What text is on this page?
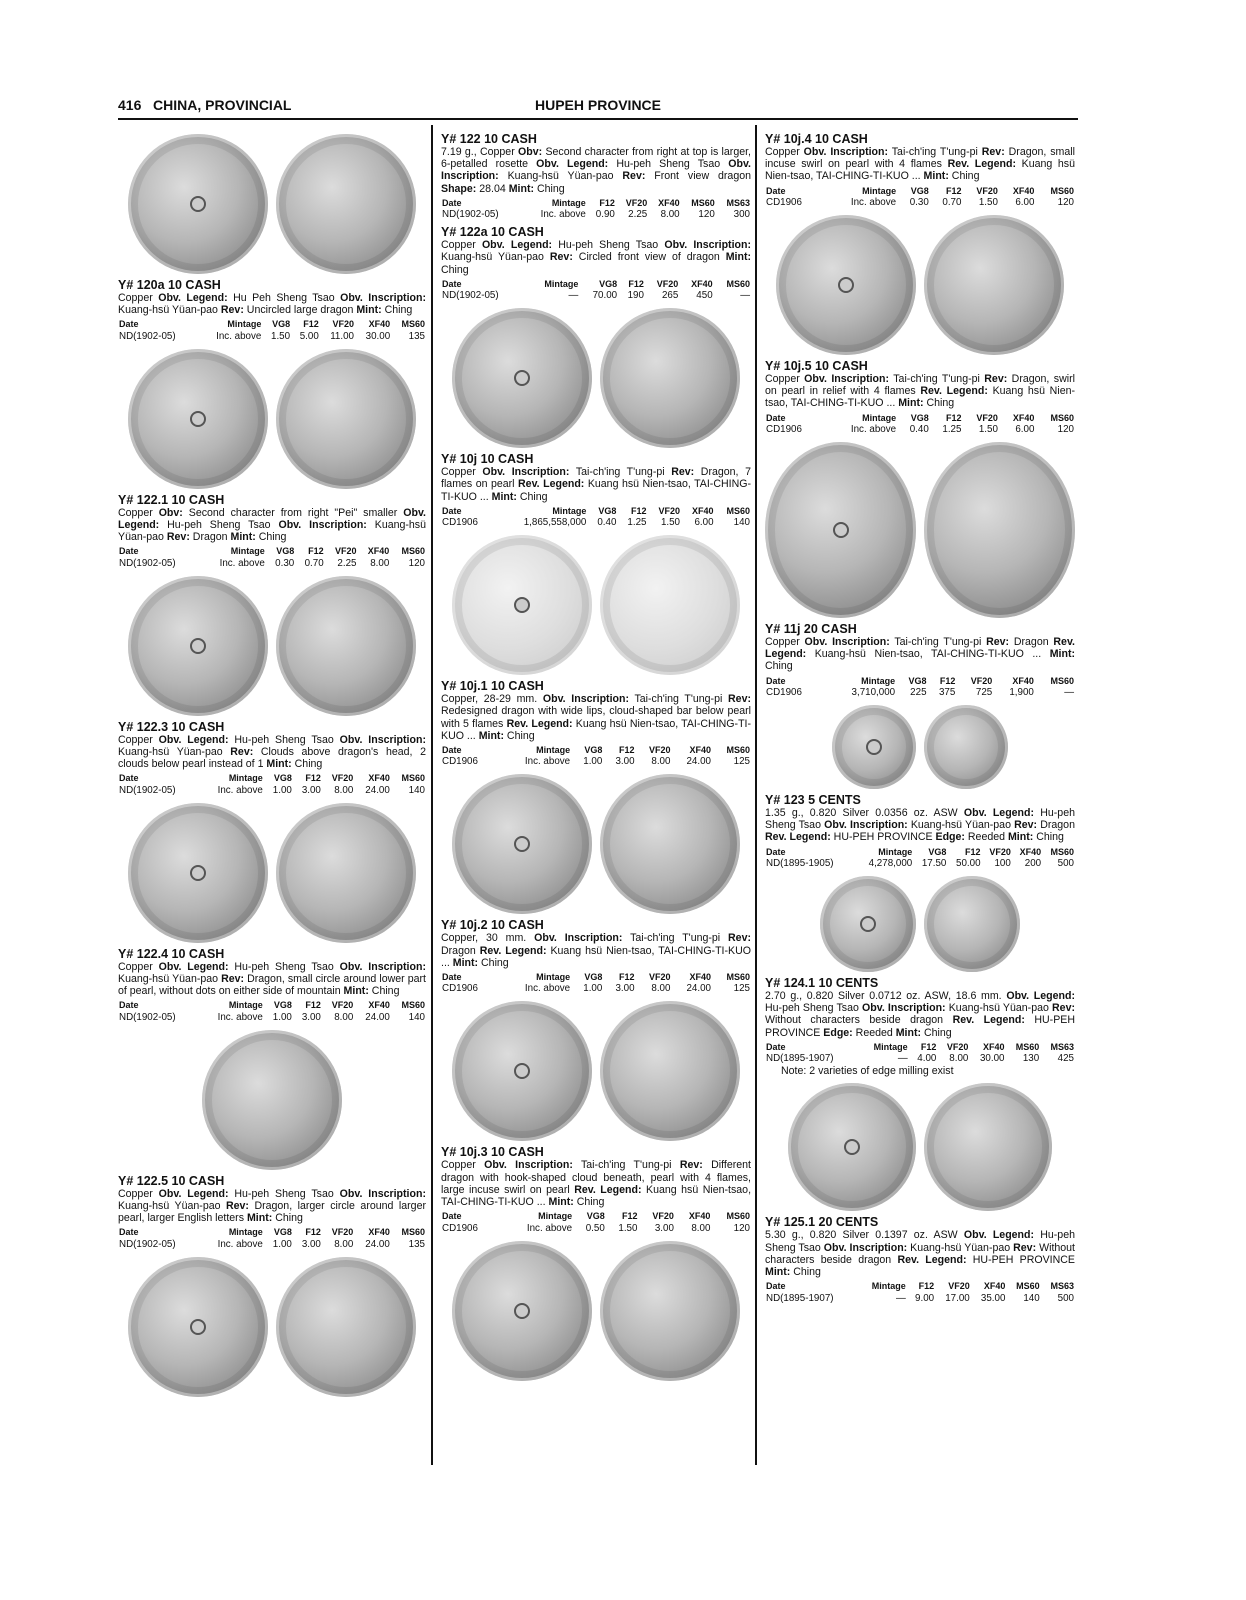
416 CHINA, PROVINCIAL	HUPEH PROVINCE
Y# 120a 10 CASH
Copper Obv. Legend: Hu Peh Sheng Tsao Obv. Inscription: Kuang-hsü Yüan-pao Rev: Uncircled large dragon Mint: Ching
Date	Mintage	VG8	F12	VF20	XF40	MS60
ND(1902-05)	Inc. above	1.50	5.00	11.00	30.00	135
Y# 122.1 10 CASH
Copper Obv: Second character from right "Pei" smaller Obv. Legend: Hu-peh Sheng Tsao Obv. Inscription: Kuang-hsü Yüan-pao Rev: Dragon Mint: Ching
Date	Mintage	VG8	F12	VF20	XF40	MS60
ND(1902-05)	Inc. above	0.30	0.70	2.25	8.00	120
Y# 122.3 10 CASH
Copper Obv. Legend: Hu-peh Sheng Tsao Obv. Inscription: Kuang-hsü Yüan-pao Rev: Clouds above dragon's head, 2 clouds below pearl instead of 1 Mint: Ching
Date	Mintage	VG8	F12	VF20	XF40	MS60
ND(1902-05)	Inc. above	1.00	3.00	8.00	24.00	140
Y# 122.4 10 CASH
Copper Obv. Legend: Hu-peh Sheng Tsao Obv. Inscription: Kuang-hsü Yüan-pao Rev: Dragon, small circle around lower part of pearl, without dots on either side of mountain Mint: Ching
Date	Mintage	VG8	F12	VF20	XF40	MS60
ND(1902-05)	Inc. above	1.00	3.00	8.00	24.00	140
Y# 122.5 10 CASH
Copper Obv. Legend: Hu-peh Sheng Tsao Obv. Inscription: Kuang-hsü Yüan-pao Rev: Dragon, larger circle around larger pearl, larger English letters Mint: Ching
Date	Mintage	VG8	F12	VF20	XF40	MS60
ND(1902-05)	Inc. above	1.00	3.00	8.00	24.00	135
Y# 122 10 CASH
7.19 g., Copper Obv: Second character from right at top is larger, 6-petalled rosette Obv. Legend: Hu-peh Sheng Tsao Obv. Inscription: Kuang-hsü Yüan-pao Rev: Front view dragon Shape: 28.04 Mint: Ching
Date	Mintage	F12	VF20	XF40	MS60	MS63
ND(1902-05)	Inc. above	0.90	2.25	8.00	120	300
Y# 122a 10 CASH
Copper Obv. Legend: Hu-peh Sheng Tsao Obv. Inscription: Kuang-hsü Yüan-pao Rev: Circled front view of dragon Mint: Ching
Date	Mintage	VG8	F12	VF20	XF40	MS60
ND(1902-05)	—	70.00	190	265	450	—
Y# 10j 10 CASH
Copper Obv. Inscription: Tai-ch'ing T'ung-pi Rev: Dragon, 7 flames on pearl Rev. Legend: Kuang hsü Nien-tsao, TAI-CHING-TI-KUO ... Mint: Ching
Date	Mintage	VG8	F12	VF20	XF40	MS60
CD1906	1,865,558,000	0.40	1.25	1.50	6.00	140
Y# 10j.1 10 CASH
Copper, 28-29 mm. Obv. Inscription: Tai-ch'ing T'ung-pi Rev: Redesigned dragon with wide lips, cloud-shaped bar below pearl with 5 flames Rev. Legend: Kuang hsü Nien-tsao, TAI-CHING-TI-KUO ... Mint: Ching
Date	Mintage	VG8	F12	VF20	XF40	MS60
CD1906	Inc. above	1.00	3.00	8.00	24.00	125
Y# 10j.2 10 CASH
Copper, 30 mm. Obv. Inscription: Tai-ch'ing T'ung-pi Rev: Dragon Rev. Legend: Kuang hsü Nien-tsao, TAI-CHING-TI-KUO ... Mint: Ching
Date	Mintage	VG8	F12	VF20	XF40	MS60
CD1906	Inc. above	1.00	3.00	8.00	24.00	125
Y# 10j.3 10 CASH
Copper Obv. Inscription: Tai-ch'ing T'ung-pi Rev: Different dragon with hook-shaped cloud beneath, pearl with 4 flames, large incuse swirl on pearl Rev. Legend: Kuang hsü Nien-tsao, TAI-CHING-TI-KUO ... Mint: Ching
Date	Mintage	VG8	F12	VF20	XF40	MS60
CD1906	Inc. above	0.50	1.50	3.00	8.00	120
Y# 10j.4 10 CASH
Copper Obv. Inscription: Tai-ch'ing T'ung-pi Rev: Dragon, small incuse swirl on pearl with 4 flames Rev. Legend: Kuang hsü Nien-tsao, TAI-CHING-TI-KUO ... Mint: Ching
Date	Mintage	VG8	F12	VF20	XF40	MS60
CD1906	Inc. above	0.30	0.70	1.50	6.00	120
Y# 10j.5 10 CASH
Copper Obv. Inscription: Tai-ch'ing T'ung-pi Rev: Dragon, swirl on pearl in relief with 4 flames Rev. Legend: Kuang hsü Nien-tsao, TAI-CHING-TI-KUO ... Mint: Ching
Date	Mintage	VG8	F12	VF20	XF40	MS60
CD1906	Inc. above	0.40	1.25	1.50	6.00	120
Y# 11j 20 CASH
Copper Obv. Inscription: Tai-ch'ing T'ung-pi Rev: Dragon Rev. Legend: Kuang-hsü Nien-tsao, TAI-CHING-TI-KUO ... Mint: Ching
Date	Mintage	VG8	F12	VF20	XF40	MS60
CD1906	3,710,000	225	375	725	1,900	—
Y# 123 5 CENTS
1.35 g., 0.820 Silver 0.0356 oz. ASW Obv. Legend: Hu-peh Sheng Tsao Obv. Inscription: Kuang-hsü Yüan-pao Rev: Dragon Rev. Legend: HU-PEH PROVINCE Edge: Reeded Mint: Ching
Date	Mintage	VG8	F12	VF20	XF40	MS60
ND(1895-1905)	4,278,000	17.50	50.00	100	200	500
Y# 124.1 10 CENTS
2.70 g., 0.820 Silver 0.0712 oz. ASW, 18.6 mm. Obv. Legend: Hu-peh Sheng Tsao Obv. Inscription: Kuang-hsü Yüan-pao Rev: Without characters beside dragon Rev. Legend: HU-PEH PROVINCE Edge: Reeded Mint: Ching
Date	Mintage	F12	VF20	XF40	MS60	MS63
ND(1895-1907)	—	4.00	8.00	30.00	130	425
Note: 2 varieties of edge milling exist
Y# 125.1 20 CENTS
5.30 g., 0.820 Silver 0.1397 oz. ASW Obv. Legend: Hu-peh Sheng Tsao Obv. Inscription: Kuang-hsü Yüan-pao Rev: Without characters beside dragon Rev. Legend: HU-PEH PROVINCE Mint: Ching
Date	Mintage	F12	VF20	XF40	MS60	MS63
ND(1895-1907)	—	9.00	17.00	35.00	140	500
